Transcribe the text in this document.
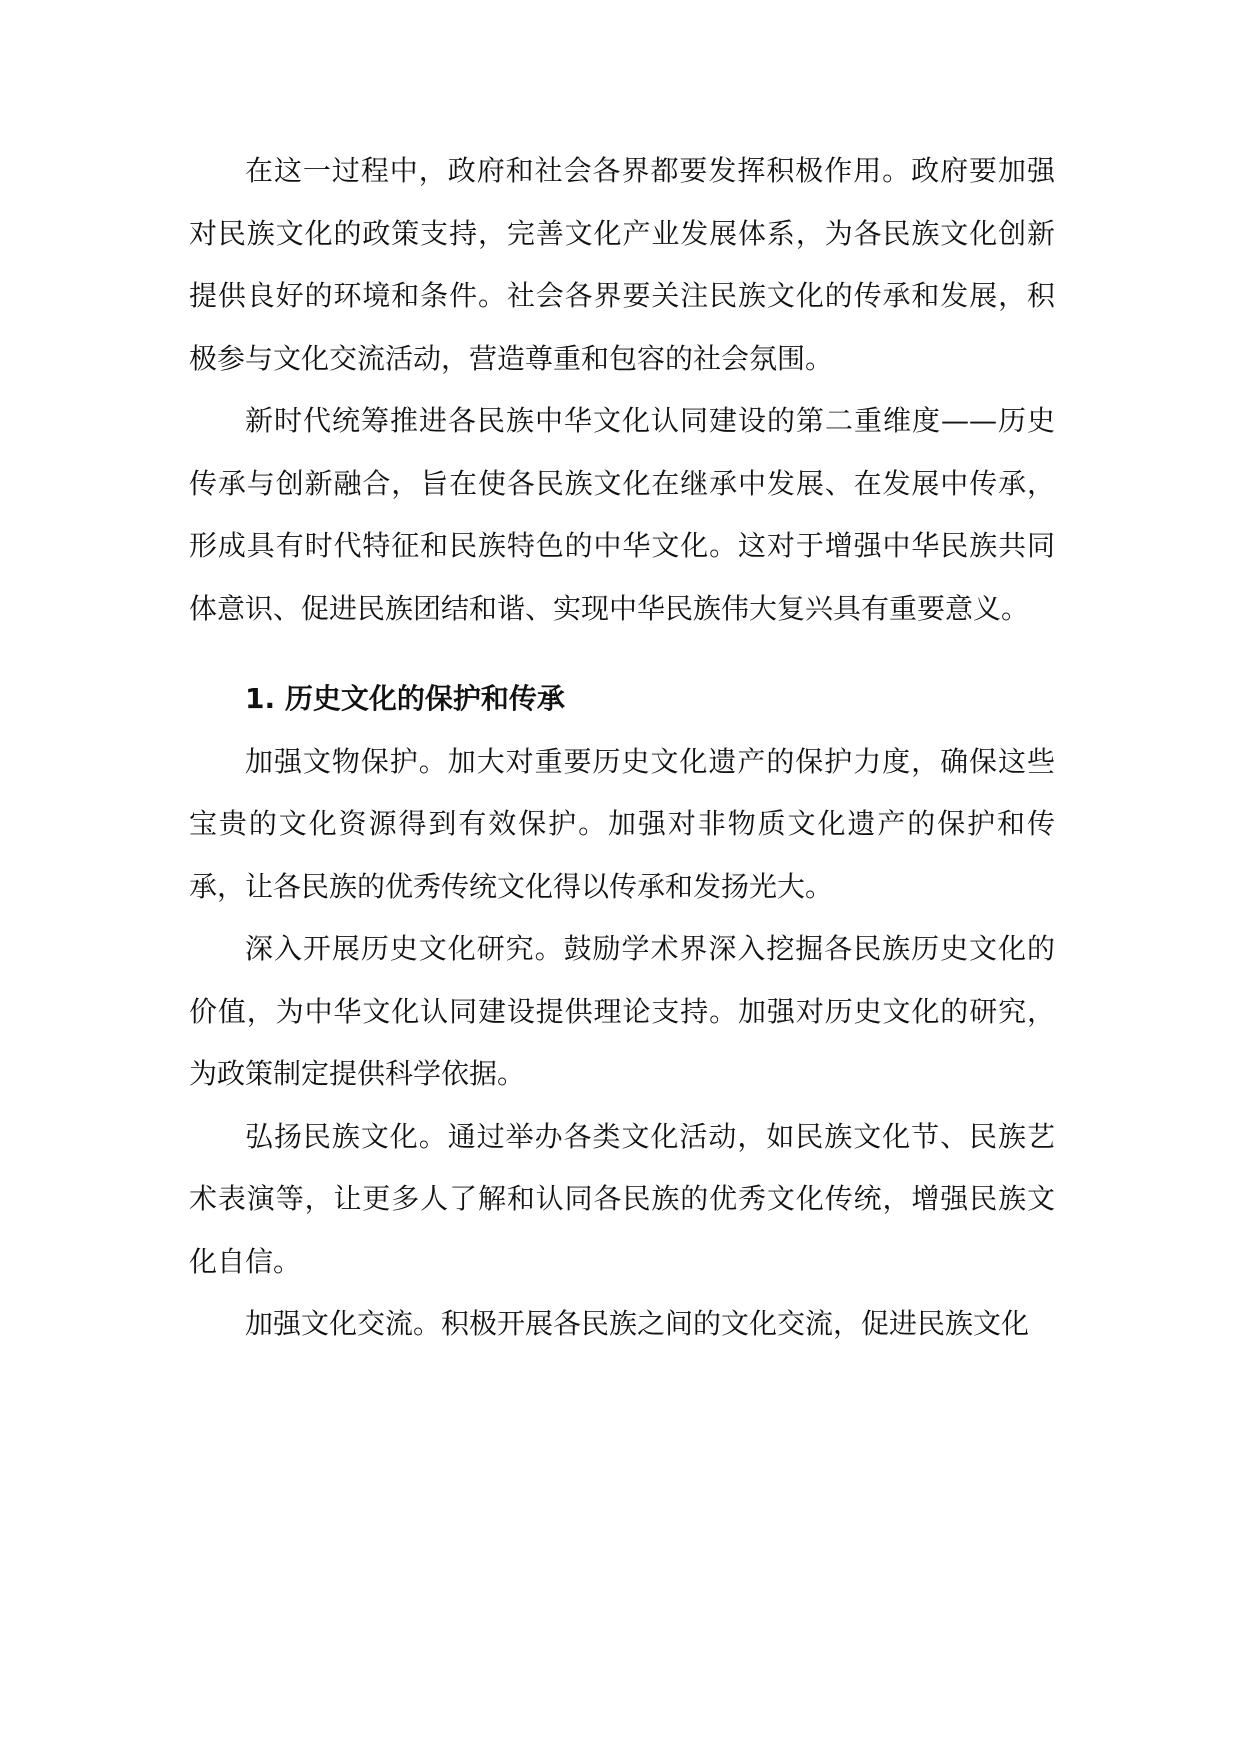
在这一过程中，政府和社会各界都要发挥积极作用。政府要加强对民族文化的政策支持，完善文化产业发展体系，为各民族文化创新提供良好的环境和条件。社会各界要关注民族文化的传承和发展，积极参与文化交流活动，营造尊重和包容的社会氛围。

新时代统筹推进各民族中华文化认同建设的第二重维度——历史传承与创新融合，旨在使各民族文化在继承中发展、在发展中传承，形成具有时代特征和民族特色的中华文化。这对于增强中华民族共同体意识、促进民族团结和谐、实现中华民族伟大复兴具有重要意义。

1. 历史文化的保护和传承

加强文物保护。加大对重要历史文化遗产的保护力度，确保这些宝贵的文化资源得到有效保护。加强对非物质文化遗产的保护和传承，让各民族的优秀传统文化得以传承和发扬光大。

深入开展历史文化研究。鼓励学术界深入挖掘各民族历史文化的价值，为中华文化认同建设提供理论支持。加强对历史文化的研究，为政策制定提供科学依据。

弘扬民族文化。通过举办各类文化活动，如民族文化节、民族艺术表演等，让更多人了解和认同各民族的优秀文化传统，增强民族文化自信。

加强文化交流。积极开展各民族之间的文化交流，促进民族文化
